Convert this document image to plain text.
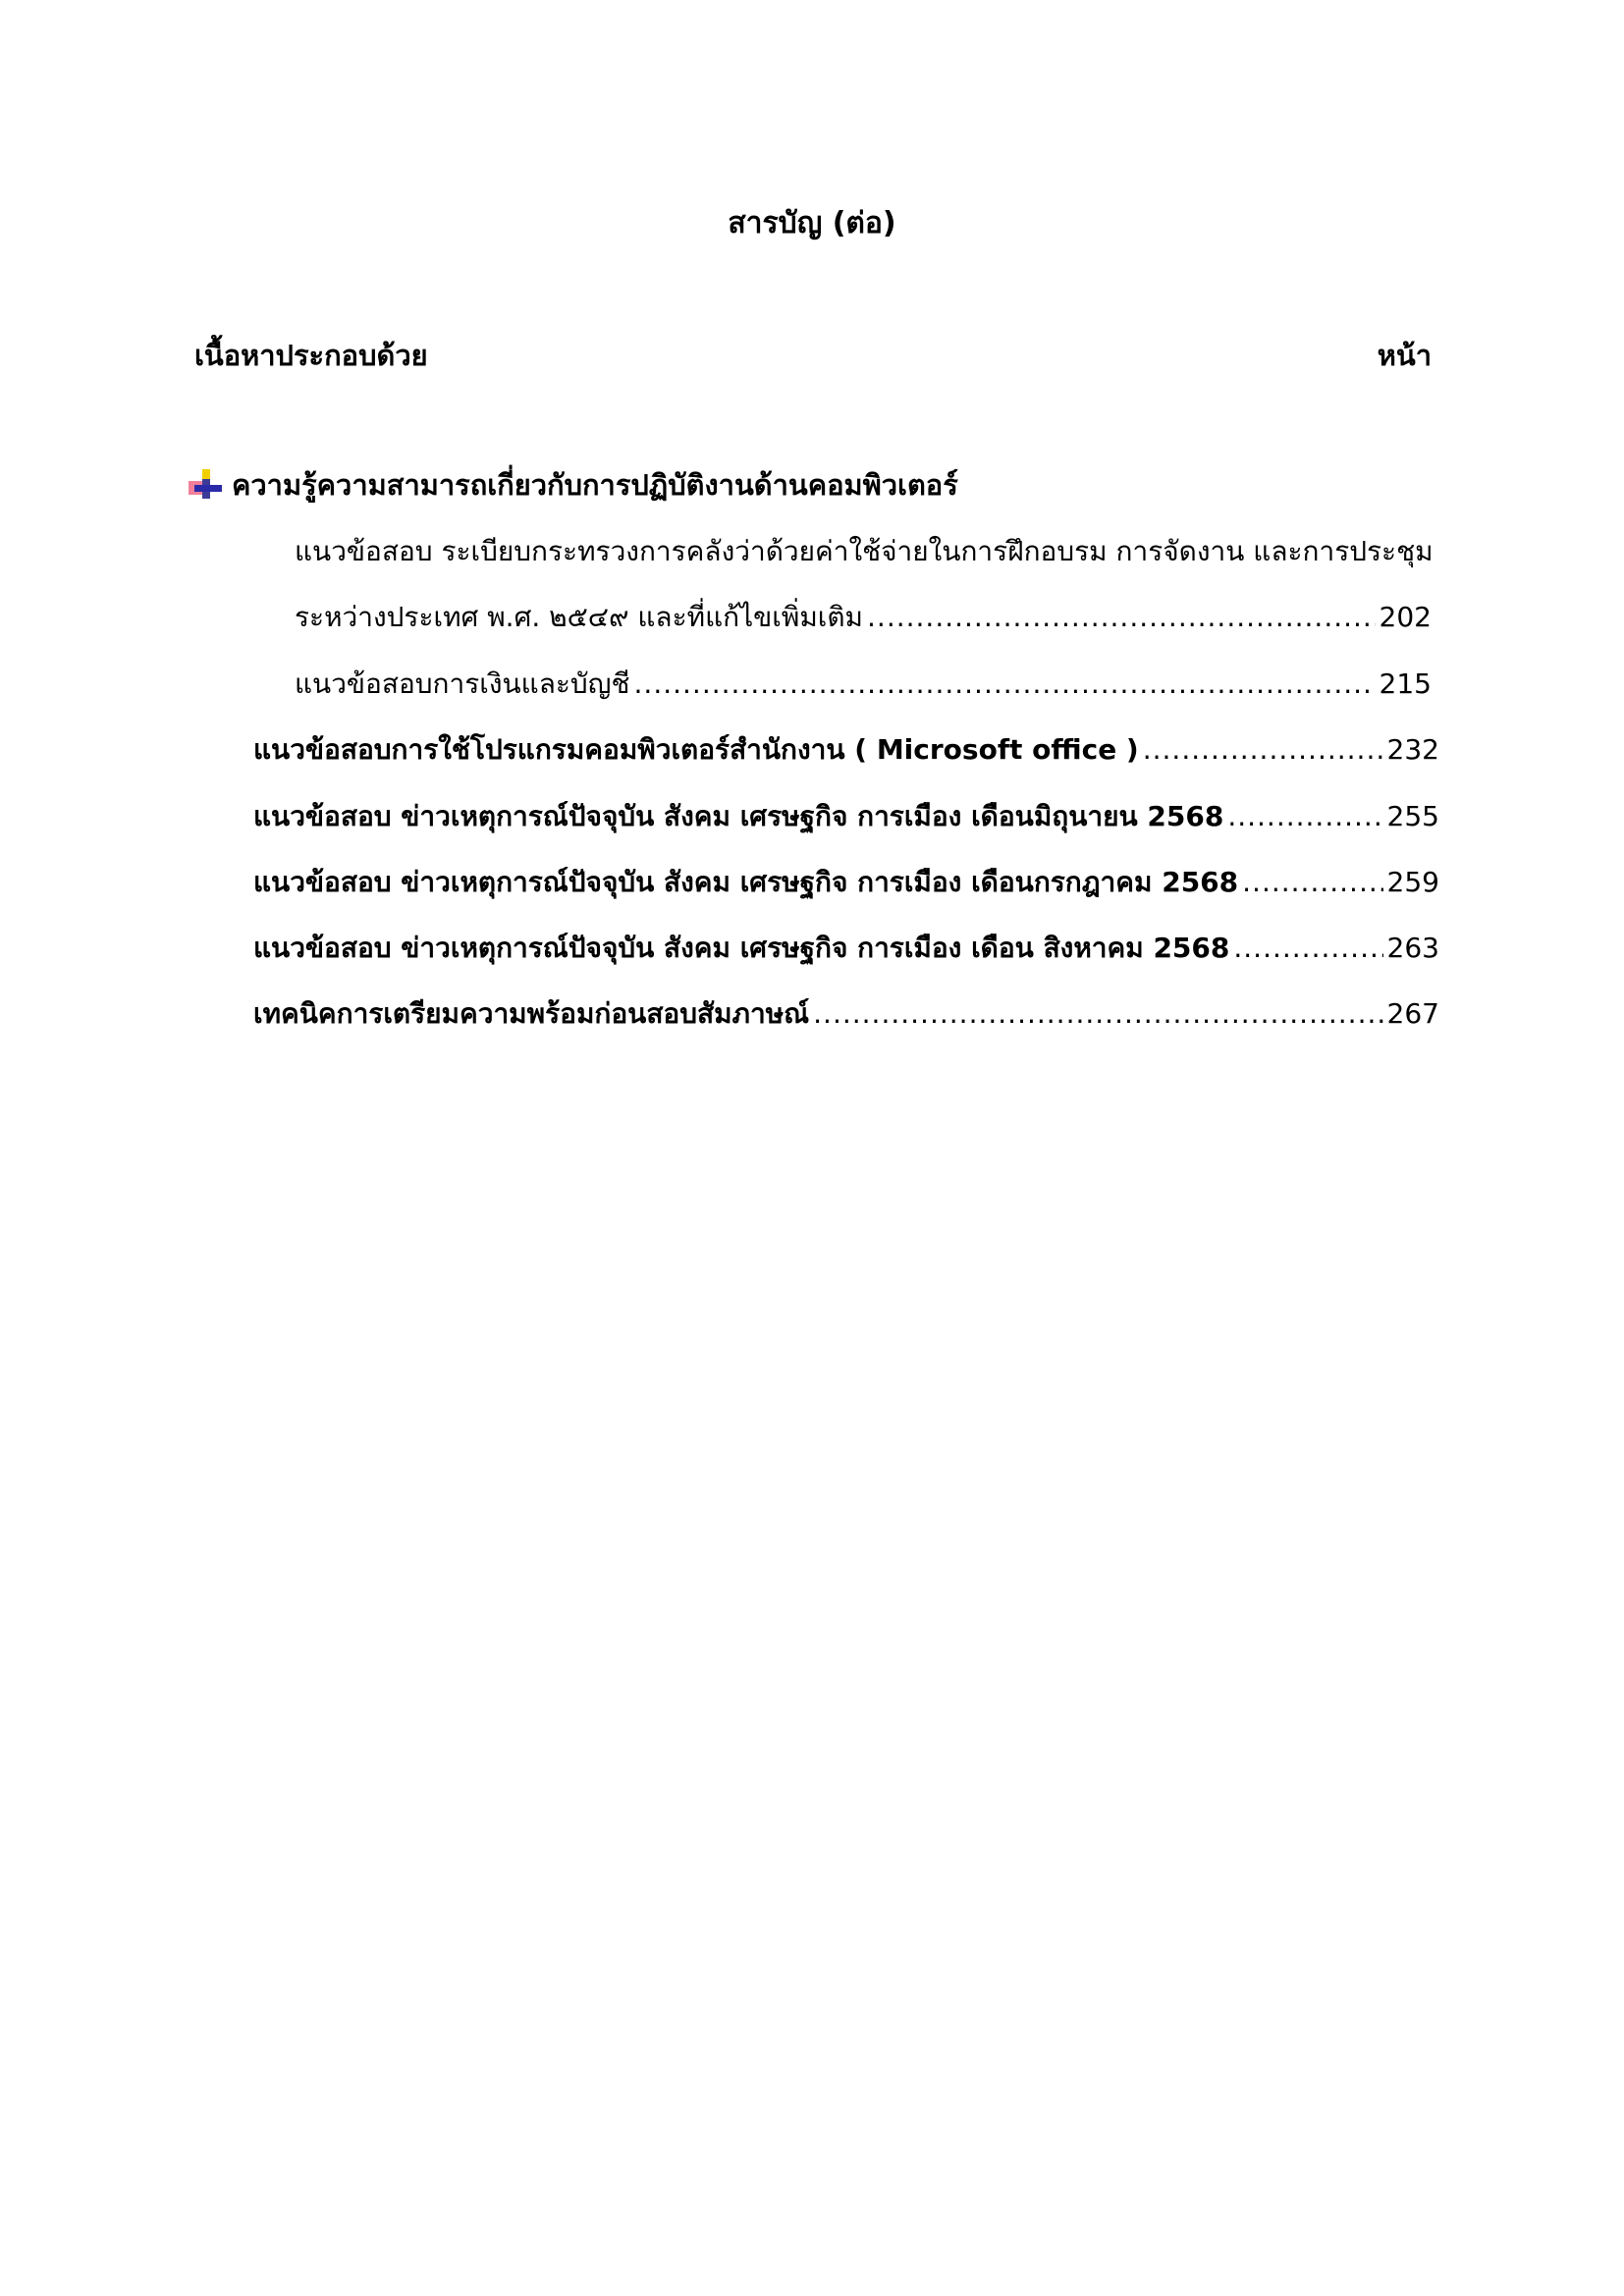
สารบัญ (ต่อ)
เนื้อหาประกอบด้วย	หน้า
ความรู้ความสามารถเกี่ยวกับการปฏิบัติงานด้านคอมพิวเตอร์
แนวข้อสอบ ระเบียบกระทรวงการคลังว่าด้วยค่าใช้จ่ายในการฝึกอบรม การจัดงาน และการประชุม
ระหว่างประเทศ พ.ศ. ๒๕๔๙ และที่แก้ไขเพิ่มเติม .....	202
แนวข้อสอบการเงินและบัญชี .....	215
แนวข้อสอบการใช้โปรแกรมคอมพิวเตอร์สำนักงาน ( Microsoft office ) .....	232
แนวข้อสอบ ข่าวเหตุการณ์ปัจจุบัน สังคม เศรษฐกิจ การเมือง เดือนมิถุนายน 2568 .....	255
แนวข้อสอบ ข่าวเหตุการณ์ปัจจุบัน สังคม เศรษฐกิจ การเมือง เดือนกรกฎาคม 2568 .....	259
แนวข้อสอบ ข่าวเหตุการณ์ปัจจุบัน สังคม เศรษฐกิจ การเมือง เดือน สิงหาคม 2568 .....	263
เทคนิคการเตรียมความพร้อมก่อนสอบสัมภาษณ์ .....	267
